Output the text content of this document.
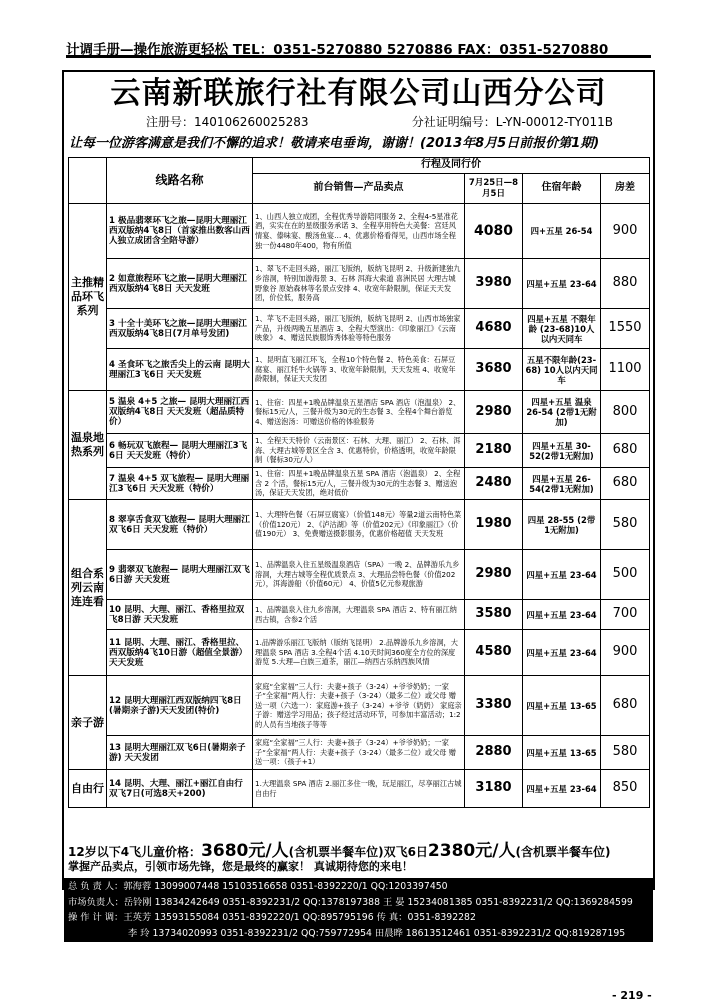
计调手册—操作旅游更轻松 TEL：0351-5270880 5270886 FAX：0351-5270880
云南新联旅行社有限公司山西分公司
注册号：140106260025283	分社证明编号：L-YN-00012-TY011B
让每一位游客满意是我们不懈的追求！敬请来电垂询，谢谢！(2013年8月5日前报价第1期)
	线路名称	行程及同行价			
		前台销售—产品卖点	7月25日—8月5日	住宿年龄	房差
主推精品环飞系列	1 极品翡翠环飞之旅—昆明大理丽江西双版纳4飞8日（首家推出数客山西人独立成团含全陪导游）	1、山西人独立成团，全程优秀导游陪同服务 2、全程4-5星准花酒，实实在在的星级服务承诺 3、全程享用特色大美餐：宫廷风情宴、傣味宴、酸汤鱼宴… 4、优惠价格看得见，山西市场全程独一份4480年400，物有所值	4080	四+五星 26-54	900
	2 如意旅程环飞之旅—昆明大理丽江西双版纳4飞8日 天天发班	1、翠飞不走回头路，丽江飞版纳，版纳飞昆明 2、升级新建独九乡溶洞，特别加游海景 3、石林 洱海大索道 喜洲民居 大理古城 野象谷 原始森林等名景点安排 4、收宽年龄限制，保证天天发团，价位低，服务高	3980	四星+五星 23-64	880
	3 十全十美环飞之旅—昆明大理丽江西双版纳4飞8日(7月单号发团)	1、苹飞不走回头路，丽江飞版纳，版纳飞昆明 2、山西市场独家产品，升级两晚五星酒店 3、全程大型演出：《印象丽江》《云南映象》 4、赠送民族服饰秀体验等特色服务	4680	四星+五星 不限年龄 (23-68)10人以内天同车	1550
	4 圣食环飞之旅舌尖上的云南 昆明大理丽江3飞6日 天天发班	1、昆明直飞丽江环飞，全程10个特色餐 2、特色美食：石屏豆腐宴、丽江牦牛火锅等 3、收宽年龄限制，天天发班 4、收宽年龄限制，保证天天发团	3680	五星不限年龄(23-68) 10人以内天同车	1100
温泉地热系列	5 温泉 4+5 之旅— 昆明大理丽江西双版纳4飞8日 天天发班（超品质特价）	1、住宿：四星+1晚品牌温泉五星酒店 SPA 酒店（泡温泉） 2、餐标15元/人，三餐升级为30元的生态餐 3、全程4个舞台游览 4、赠送泡汤：可赠送价格的体验服务	2980	四星+五星 温泉26-54 (2带1无附加)	800
	6 畅玩双飞旅程— 昆明大理丽江3飞6日 天天发班（特价）	1、全程天天特价（云南景区：石林、大理、丽江） 2、石林、洱海、大理古城等景区全含 3、优惠特价，价格透明，收宽年龄限制（餐标30元/人）	2180	四星+五星 30-52(2带1无附加)	680
	7 温泉 4+5 双飞旅程— 昆明大理丽江3飞6日 天天发班（特价）	1、住宿：四星+1晚品牌温泉五星 SPA 酒店（泡温泉） 2、全程含 2 个活，餐标15元/人，三餐升级为30元的生态餐 3、赠送泡汤，保证天天发团，绝对低价	2480	四星+五星 26-54(2带1无附加)	680
组合系列云南连连看	8 翠享舌食双飞旅程— 昆明大理丽江双飞6日 天天发班（特价）	1、大理特色餐（石屏豆腐宴）（价值148元）等量2道云南特色菜（价值120元） 2、《泸沽湖》等（价值202元）《印象丽江》（价值190元） 3、免费赠送摄影服务，优惠价格超值 天天发班	1980	四星 28-55 (2带1无附加)	580
	9 翡翠双飞旅程— 昆明大理丽江双飞6日游 天天发班	1、品牌温泉入住五星级温泉酒店（SPA）一晚 2、品牌游乐九乡溶洞，大理古城等全程优质景点 3、大理品尝特色餐（价值202元），洱海游船（价值60元） 4、价值5亿元参观旅游	2980	四星+五星 23-64	500
	10 昆明、大理、丽江、香格里拉双飞8日游 天天发班	1、品牌温泉入住九乡溶洞，大理温泉 SPA 酒店 2、特有丽江纳西古镇，含参2个活	3580	四星+五星 23-64	700
	11 昆明、大理、丽江、香格里拉、西双版纳4飞10日游（超值全景游） 天天发班	1.品牌游乐丽江飞版纳（版纳飞昆明） 2.品牌游乐九乡溶洞，大理温泉 SPA 酒店 3.全程4个活 4.10天时间360度全方位的深度游览 5.大理—白族三道茶，丽江—纳西古乐纳西族风情	4580	四星+五星 23-64	900
亲子游	12 昆明大理丽江西双版纳四飞8日(暑期亲子游)天天发团(特价)	家庭“全家福”三人行：夫妻+孩子（3-24）+爷爷奶奶；一家子“全家福”两人行：夫妻+孩子（3-24）（最多二位）或父母 赠送一项（六选一）：家庭游+孩子（3-24）+爷爷（奶奶） 家庭亲子游：赠送学习用品；孩子经过活动环节，可参加丰富活动；1:2的人员有当地孩子等等	3380	四星+五星 13-65	680
	13 昆明大理丽江双飞6日(暑期亲子游) 天天发团	家庭“全家福”三人行：夫妻+孩子（3-24）+爷爷奶奶；一家子“全家福”两人行：夫妻+孩子（3-24）（最多二位）或父母 赠送一项：（孩子+1）	2880	四星+五星 13-65	580
自由行	14 昆明、大理、丽江+丽江自由行双飞7日(可选8天+200)	1.大理温泉 SPA 酒店 2.丽江多住一晚，玩足丽江，尽享丽江古城自由行	3180	四星+五星 23-64	850
12岁以下4飞儿童价格：3680元/人(含机票半餐车位)双飞6日2380元/人(含机票半餐车位)
掌握产品卖点，引领市场先锋，您是最终的赢家！ 真诚期待您的来电！
总 负 责 人：郭海蓉 13099007448 15103516658 0351-8392220/1 QQ:1203397450
市场负责人：岳铃刚 13834242649 0351-8392231/2 QQ:1378197388 王 晏 15234081385 0351-8392231/2 QQ:1369284599
操 作 计 调：王英芳 13593155084 0351-8392220/1 QQ:895795196 传 真：0351-8392282
李 玲 13734020993 0351-8392231/2 QQ:759772954 田晨晔 18613512461 0351-8392231/2 QQ:819287195
- 219 -
